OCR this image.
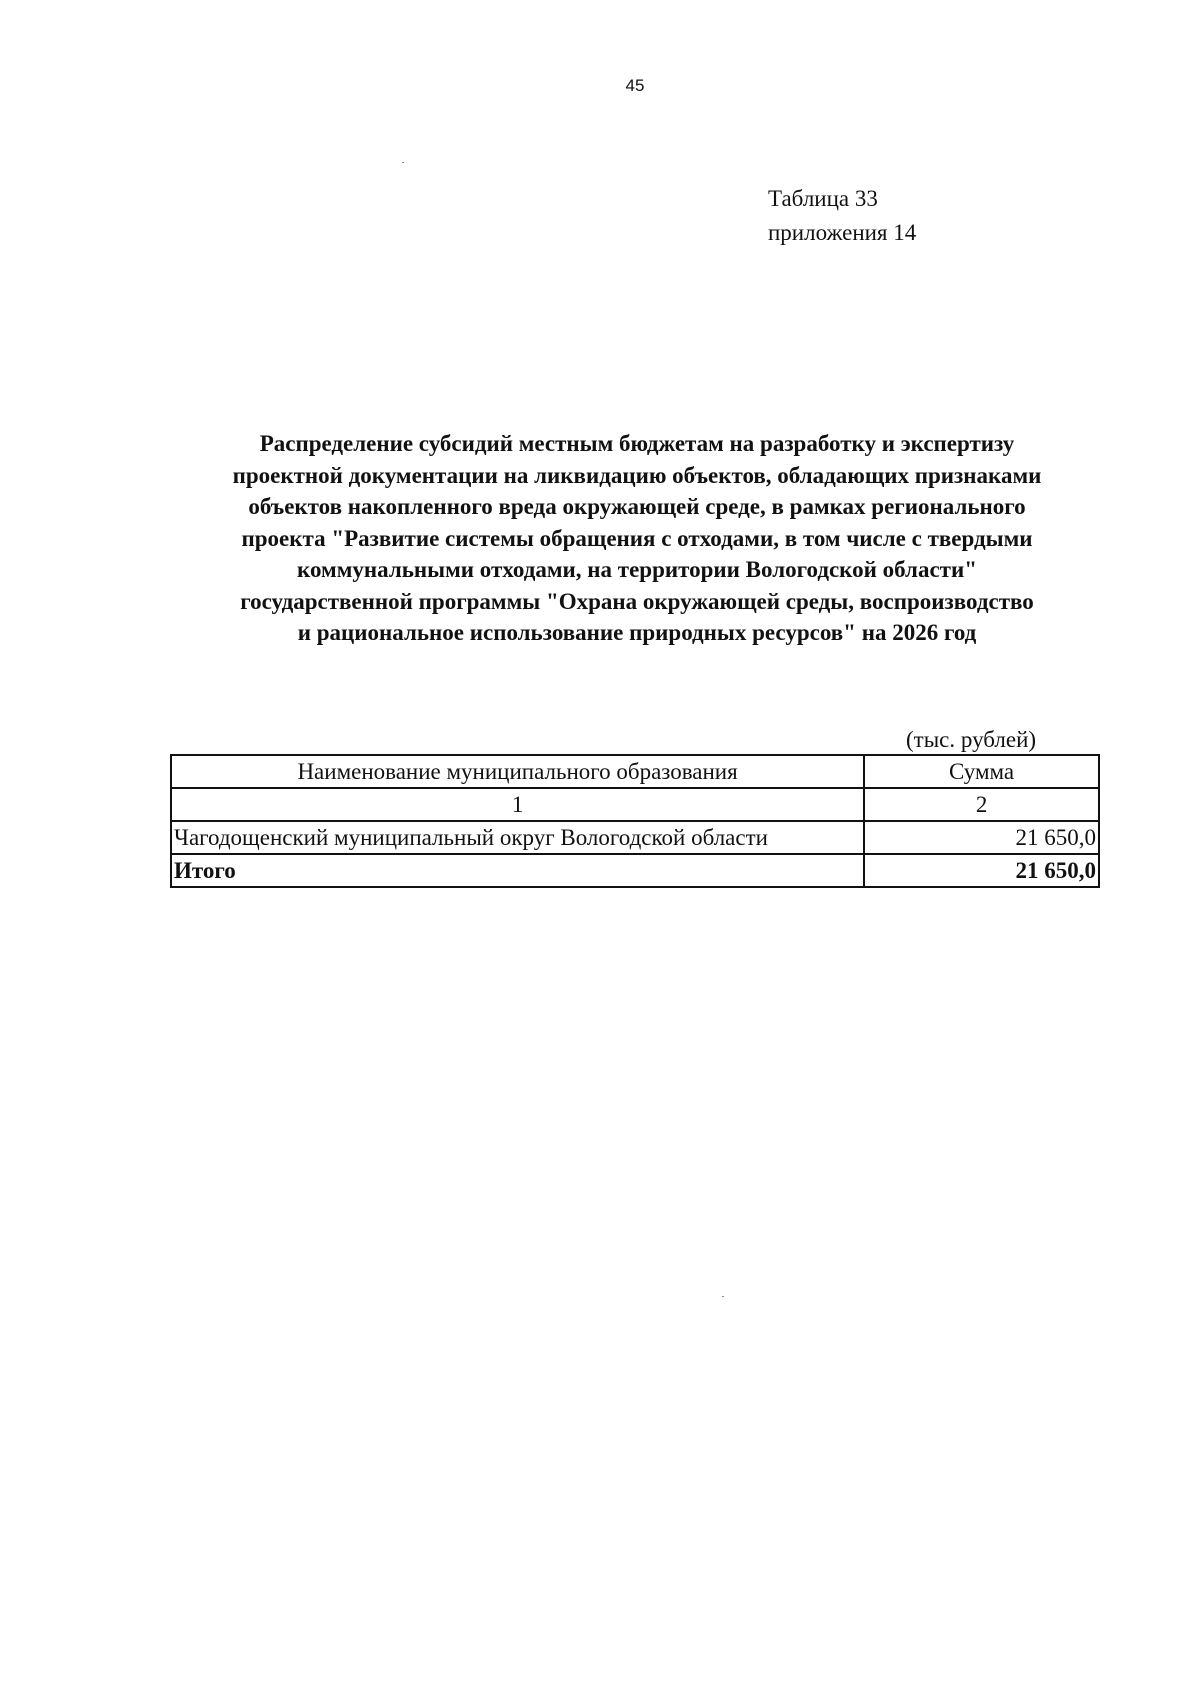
45
Таблица 33
приложения 14
Распределение субсидий местным бюджетам на разработку и экспертизу
проектной документации на ликвидацию объектов, обладающих признаками
объектов накопленного вреда окружающей среде, в рамках регионального
проекта "Развитие системы обращения с отходами, в том числе с твердыми
коммунальными отходами, на территории Вологодской области"
государственной программы "Охрана окружающей среды, воспроизводство
и рациональное использование природных ресурсов" на 2026 год
(тыс. рублей)
Наименование муниципального образования	Сумма
1	2
Чагодощенский муниципальный округ Вологодской области	21 650,0
Итого	21 650,0
